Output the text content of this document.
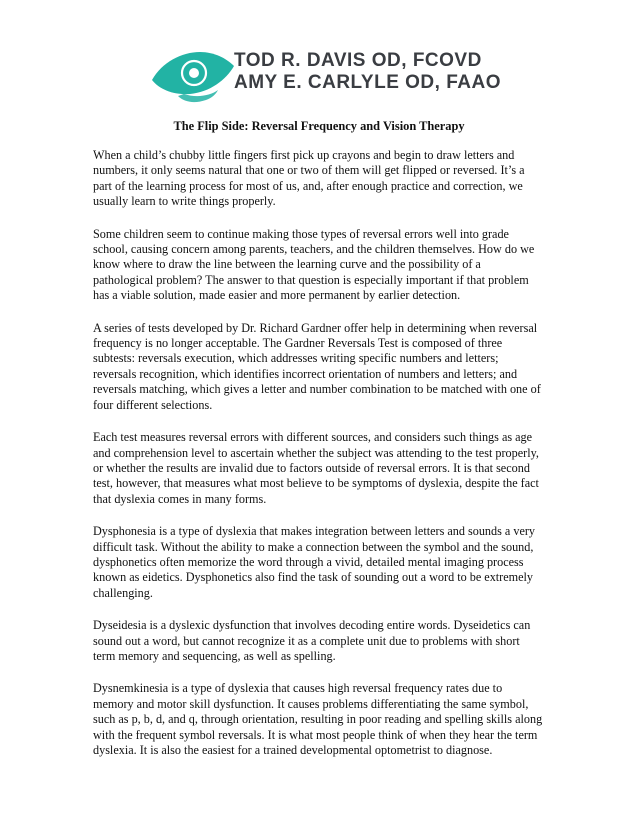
TOD R. DAVIS OD, FCOVD
AMY E. CARLYLE OD, FAAO
The Flip Side: Reversal Frequency and Vision Therapy

When a child’s chubby little fingers first pick up crayons and begin to draw letters and numbers, it only seems natural that one or two of them will get flipped or reversed. It’s a part of the learning process for most of us, and, after enough practice and correction, we usually learn to write things properly.

Some children seem to continue making those types of reversal errors well into grade school, causing concern among parents, teachers, and the children themselves. How do we know where to draw the line between the learning curve and the possibility of a pathological problem? The answer to that question is especially important if that problem has a viable solution, made easier and more permanent by earlier detection.

A series of tests developed by Dr. Richard Gardner offer help in determining when reversal frequency is no longer acceptable. The Gardner Reversals Test is composed of three subtests: reversals execution, which addresses writing specific numbers and letters; reversals recognition, which identifies incorrect orientation of numbers and letters; and reversals matching, which gives a letter and number combination to be matched with one of four different selections.

Each test measures reversal errors with different sources, and considers such things as age and comprehension level to ascertain whether the subject was attending to the test properly, or whether the results are invalid due to factors outside of reversal errors. It is that second test, however, that measures what most believe to be symptoms of dyslexia, despite the fact that dyslexia comes in many forms.

Dysphonesia is a type of dyslexia that makes integration between letters and sounds a very difficult task. Without the ability to make a connection between the symbol and the sound, dysphonetics often memorize the word through a vivid, detailed mental imaging process known as eidetics. Dysphonetics also find the task of sounding out a word to be extremely challenging.

Dyseidesia is a dyslexic dysfunction that involves decoding entire words. Dyseidetics can sound out a word, but cannot recognize it as a complete unit due to problems with short term memory and sequencing, as well as spelling.

Dysnemkinesia is a type of dyslexia that causes high reversal frequency rates due to memory and motor skill dysfunction. It causes problems differentiating the same symbol, such as p, b, d, and q, through orientation, resulting in poor reading and spelling skills along with the frequent symbol reversals. It is what most people think of when they hear the term dyslexia. It is also the easiest for a trained developmental optometrist to diagnose.
